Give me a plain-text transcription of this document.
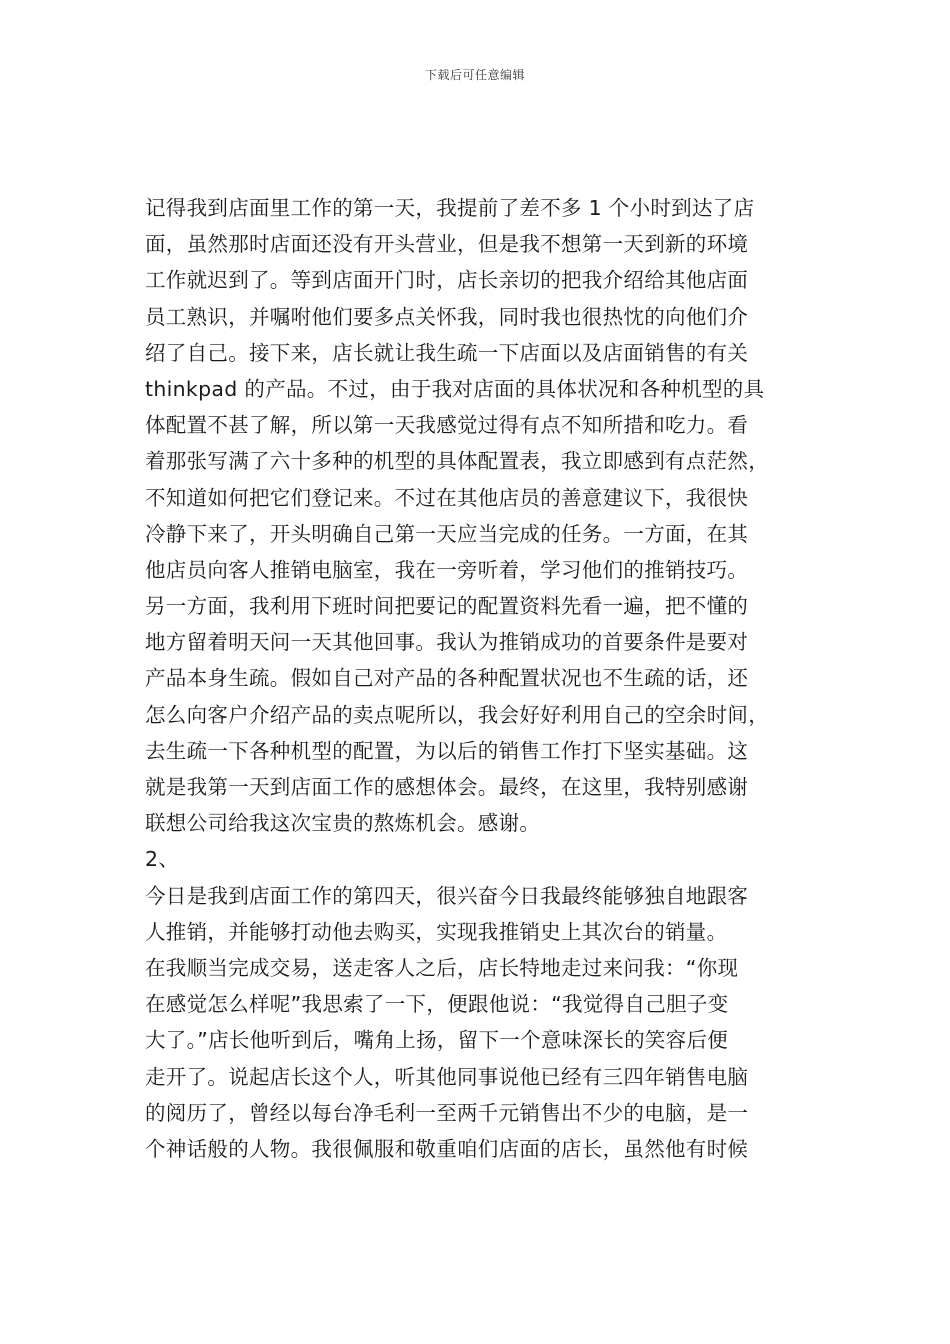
下载后可任意编辑
记得我到店面里工作的第一天，我提前了差不多 1 个小时到达了店
面，虽然那时店面还没有开头营业，但是我不想第一天到新的环境
工作就迟到了。等到店面开门时，店长亲切的把我介绍给其他店面
员工熟识，并嘱咐他们要多点关怀我，同时我也很热忱的向他们介
绍了自己。接下来，店长就让我生疏一下店面以及店面销售的有关
thinkpad 的产品。不过，由于我对店面的具体状况和各种机型的具
体配置不甚了解，所以第一天我感觉过得有点不知所措和吃力。看
着那张写满了六十多种的机型的具体配置表，我立即感到有点茫然，
不知道如何把它们登记来。不过在其他店员的善意建议下，我很快
冷静下来了，开头明确自己第一天应当完成的任务。一方面，在其
他店员向客人推销电脑室，我在一旁听着，学习他们的推销技巧。
另一方面，我利用下班时间把要记的配置资料先看一遍，把不懂的
地方留着明天问一天其他回事。我认为推销成功的首要条件是要对
产品本身生疏。假如自己对产品的各种配置状况也不生疏的话，还
怎么向客户介绍产品的卖点呢所以，我会好好利用自己的空余时间，
去生疏一下各种机型的配置，为以后的销售工作打下坚实基础。这
就是我第一天到店面工作的感想体会。最终，在这里，我特别感谢
联想公司给我这次宝贵的熬炼机会。感谢。
2、
今日是我到店面工作的第四天，很兴奋今日我最终能够独自地跟客
人推销，并能够打动他去购买，实现我推销史上其次台的销量。
在我顺当完成交易，送走客人之后，店长特地走过来问我：“你现
在感觉怎么样呢”我思索了一下，便跟他说：“我觉得自己胆子变
大了。”店长他听到后，嘴角上扬，留下一个意味深长的笑容后便
走开了。说起店长这个人，听其他同事说他已经有三四年销售电脑
的阅历了，曾经以每台净毛利一至两千元销售出不少的电脑，是一
个神话般的人物。我很佩服和敬重咱们店面的店长，虽然他有时候
